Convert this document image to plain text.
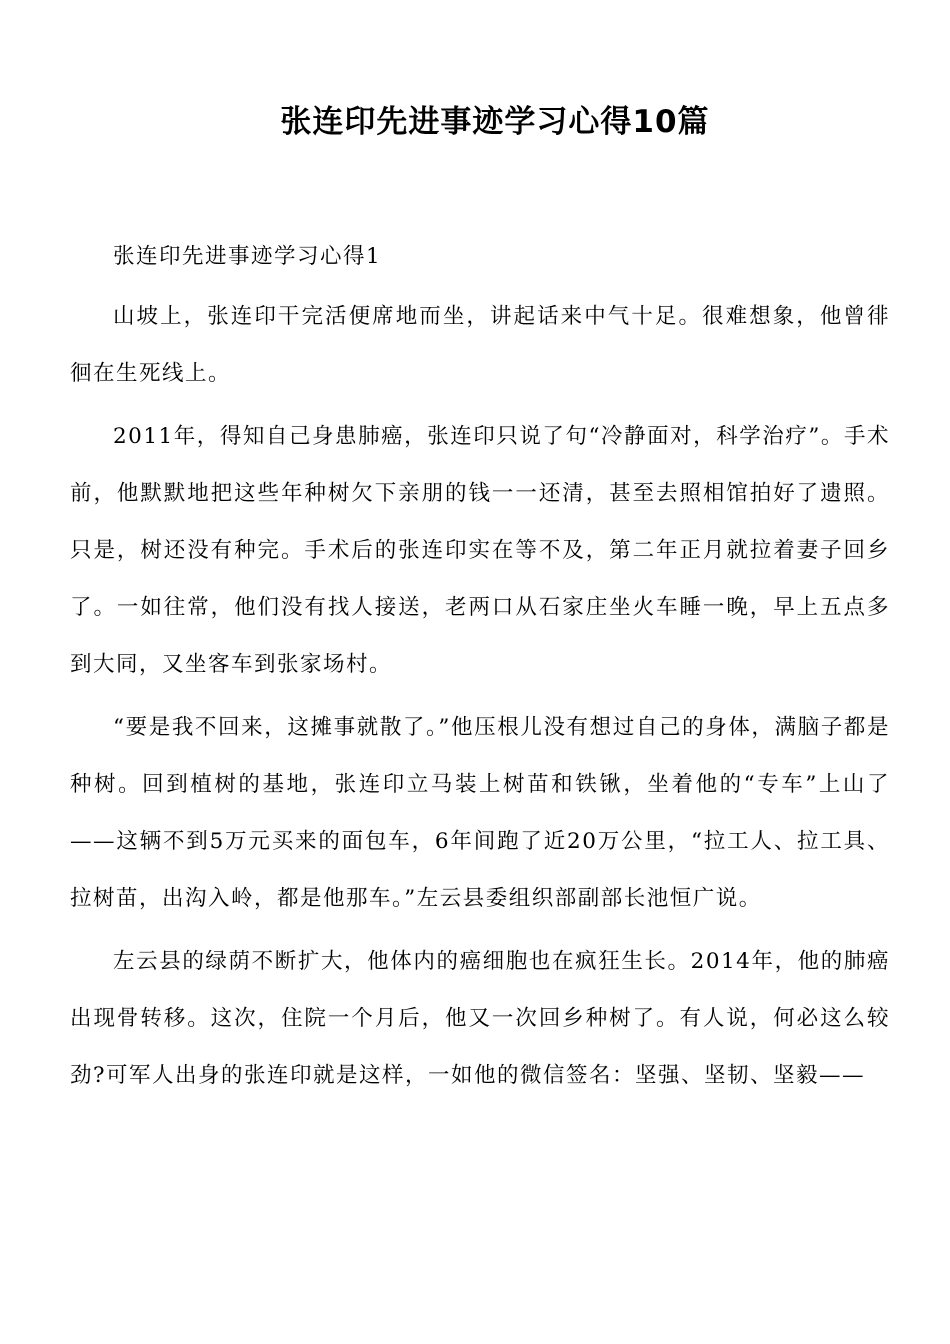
张连印先进事迹学习心得10篇

张连印先进事迹学习心得1

山坡上，张连印干完活便席地而坐，讲起话来中气十足。很难想象，他曾徘徊在生死线上。

2011年，得知自己身患肺癌，张连印只说了句“冷静面对，科学治疗”。手术前，他默默地把这些年种树欠下亲朋的钱一一还清，甚至去照相馆拍好了遗照。只是，树还没有种完。手术后的张连印实在等不及，第二年正月就拉着妻子回乡了。一如往常，他们没有找人接送，老两口从石家庄坐火车睡一晚，早上五点多到大同，又坐客车到张家场村。

“要是我不回来，这摊事就散了。”他压根儿没有想过自己的身体，满脑子都是种树。回到植树的基地，张连印立马装上树苗和铁锹，坐着他的“专车”上山了——这辆不到5万元买来的面包车，6年间跑了近20万公里，“拉工人、拉工具、拉树苗，出沟入岭，都是他那车。”左云县委组织部副部长池恒广说。

左云县的绿荫不断扩大，他体内的癌细胞也在疯狂生长。2014年，他的肺癌出现骨转移。这次，住院一个月后，他又一次回乡种树了。有人说，何必这么较劲?可军人出身的张连印就是这样，一如他的微信签名：坚强、坚韧、坚毅——
